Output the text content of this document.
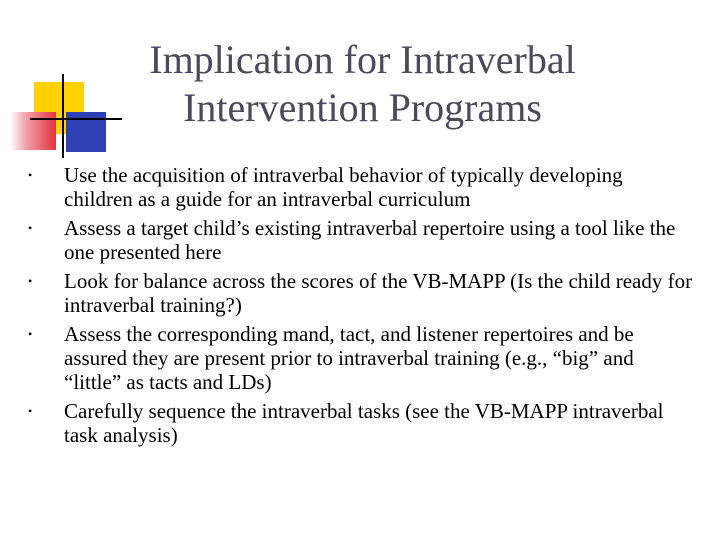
Implication for Intraverbal
Intervention Programs
• Use the acquisition of intraverbal behavior of typically developing children as a guide for an intraverbal curriculum
• Assess a target child’s existing intraverbal repertoire using a tool like the one presented here
• Look for balance across the scores of the VB-MAPP (Is the child ready for intraverbal training?)
• Assess the corresponding mand, tact, and listener repertoires and be assured they are present prior to intraverbal training (e.g., “big” and “little” as tacts and LDs)
• Carefully sequence the intraverbal tasks (see the VB-MAPP intraverbal task analysis)
